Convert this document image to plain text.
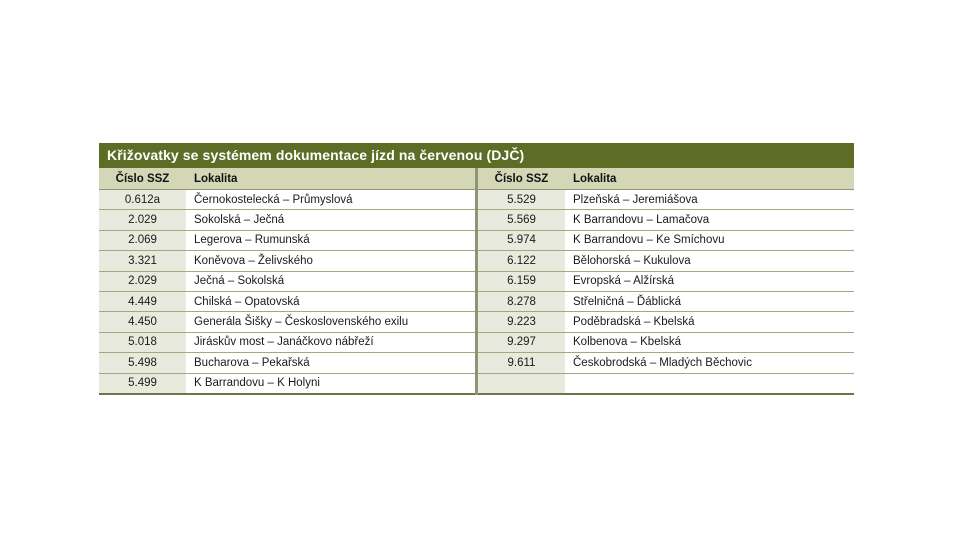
Křižovatky se systémem dokumentace jízd na červenou (DJČ)
Číslo SSZ	Lokalita
0.612a	Černokostelecká – Průmyslová
2.029	Sokolská – Ječná
2.069	Legerova – Rumunská
3.321	Koněvova – Želivského
2.029	Ječná – Sokolská
4.449	Chilská – Opatovská
4.450	Generála Šišky – Československého exilu
5.018	Jiráskův most – Janáčkovo nábřeží
5.498	Bucharova – Pekařská
5.499	K Barrandovu – K Holyni
Číslo SSZ	Lokalita
5.529	Plzeňská – Jeremiášova
5.569	K Barrandovu – Lamačova
5.974	K Barrandovu – Ke Smíchovu
6.122	Bělohorská – Kukulova
6.159	Evropská – Alžírská
8.278	Střelničná – Ďáblická
9.223	Poděbradská – Kbelská
9.297	Kolbenova – Kbelská
9.611	Českobrodská – Mladých Běchovic
